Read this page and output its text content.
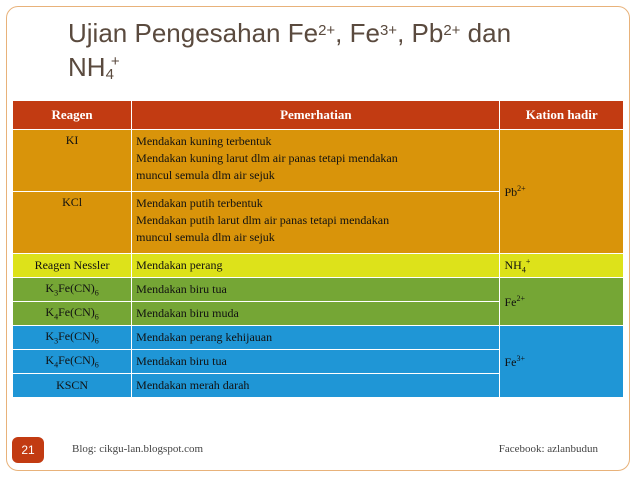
Ujian Pengesahan $Fe^{2+}$, $Fe^{3+}$, $Pb^{2+}$ dan
$NH_4^+$
Reagen	Pemerhatian	Kation hadir
KI	Mendakan kuning terbentuk
Mendakan kuning larut dlm air panas tetapi mendakan
muncul semula dlm air sejuk	$Pb^{2+}$
KCl	Mendakan putih terbentuk
Mendakan putih larut dlm air panas tetapi mendakan
muncul semula dlm air sejuk	

Reagen Nessler	Mendakan perang	$NH_4^+$
$K_3Fe(CN)_6$	Mendakan biru tua	$Fe^{2+}$
$K_4Fe(CN)_6$	Mendakan biru muda	
$K_3Fe(CN)_6$	Mendakan perang kehijauan	$Fe^{3+}$
$K_4Fe(CN)_6$	Mendakan biru tua	
KSCN	Mendakan merah darah	
21	Blog: cikgu-lan.blogspot.com	Facebook: azlanbudun
